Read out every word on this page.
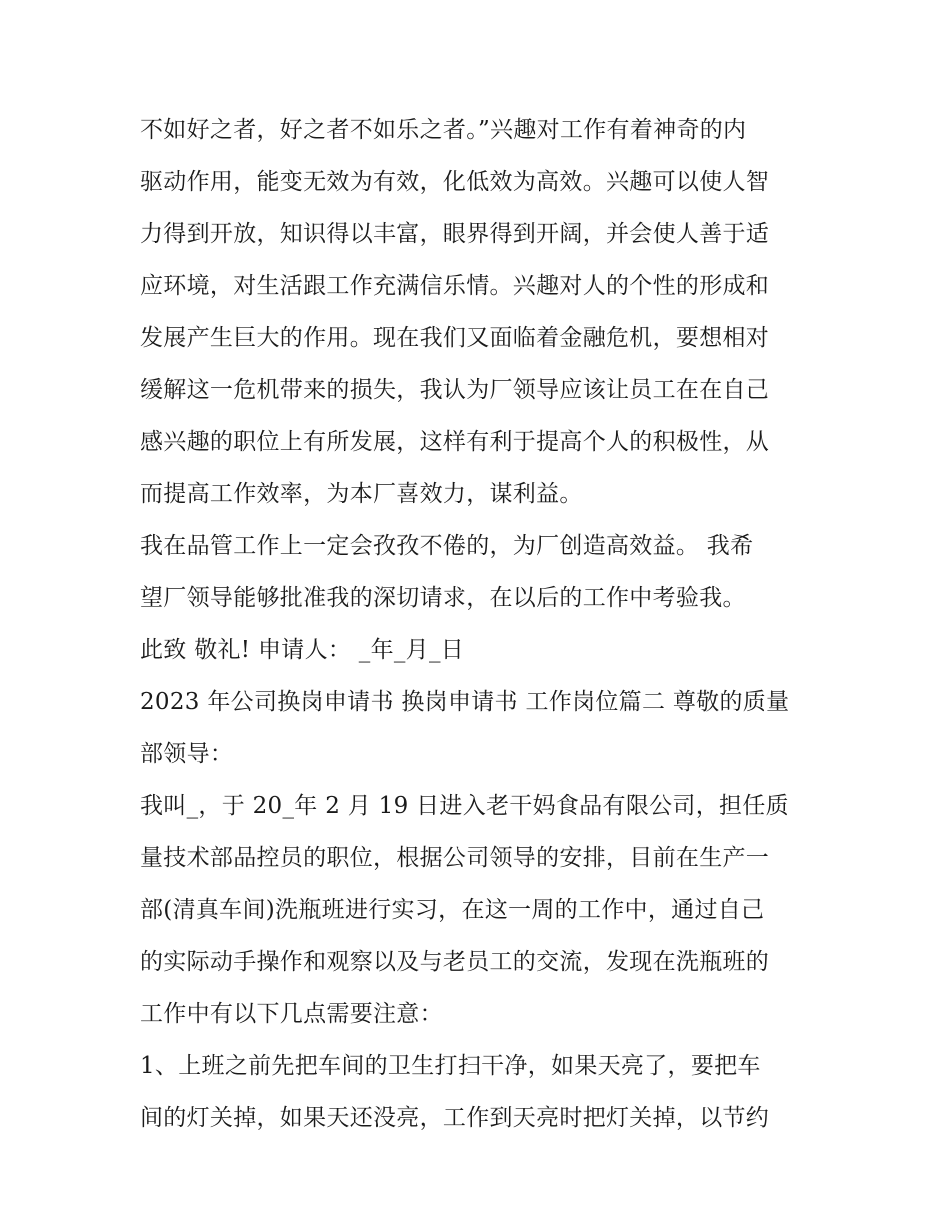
不如好之者，好之者不如乐之者。”兴趣对工作有着神奇的内
驱动作用，能变无效为有效，化低效为高效。兴趣可以使人智
力得到开放，知识得以丰富，眼界得到开阔，并会使人善于适
应环境，对生活跟工作充满信乐情。兴趣对人的个性的形成和
发展产生巨大的作用。现在我们又面临着金融危机，要想相对
缓解这一危机带来的损失，我认为厂领导应该让员工在在自己
感兴趣的职位上有所发展，这样有利于提高个人的积极性，从
而提高工作效率，为本厂喜效力，谋利益。
我在品管工作上一定会孜孜不倦的，为厂创造高效益。 我希
望厂领导能够批准我的深切请求，在以后的工作中考验我。
此致 敬礼! 申请人： _年_月_日
2023 年公司换岗申请书 换岗申请书 工作岗位篇二 尊敬的质量
部领导：
我叫_，于 20_年 2 月 19 日进入老干妈食品有限公司，担任质
量技术部品控员的职位，根据公司领导的安排，目前在生产一
部(清真车间)洗瓶班进行实习，在这一周的工作中，通过自己
的实际动手操作和观察以及与老员工的交流，发现在洗瓶班的
工作中有以下几点需要注意：
1、上班之前先把车间的卫生打扫干净，如果天亮了，要把车
间的灯关掉，如果天还没亮，工作到天亮时把灯关掉，以节约
